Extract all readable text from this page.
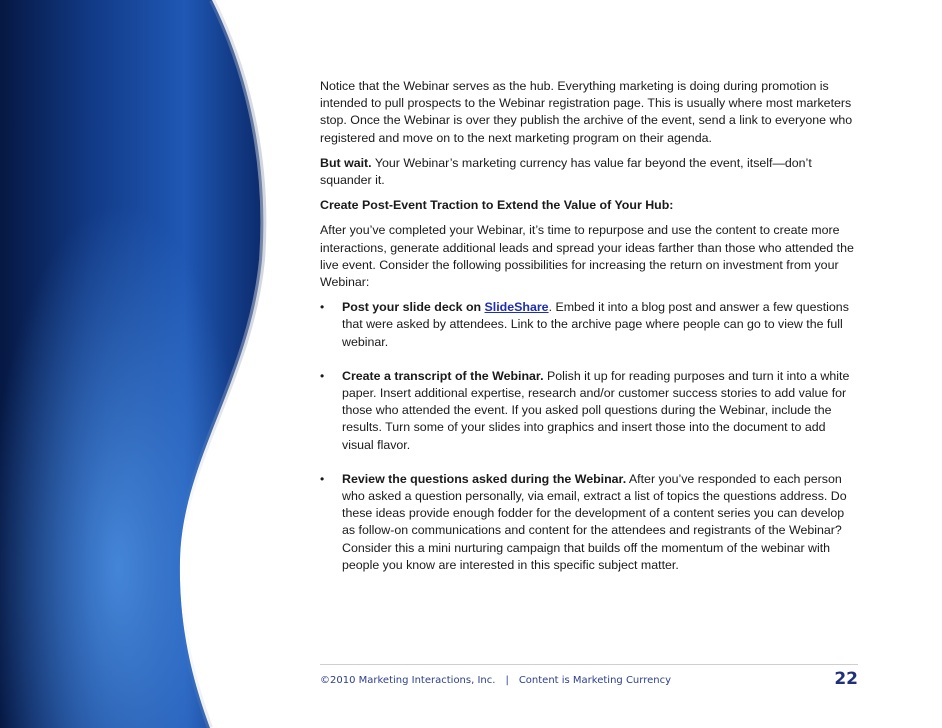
Notice that the Webinar serves as the hub. Everything marketing is doing during promotion is intended to pull prospects to the Webinar registration page. This is usually where most marketers stop. Once the Webinar is over they publish the archive of the event, send a link to everyone who registered and move on to the next marketing program on their agenda.

But wait. Your Webinar’s marketing currency has value far beyond the event, itself—don’t squander it.

Create Post-Event Traction to Extend the Value of Your Hub:

After you’ve completed your Webinar, it’s time to repurpose and use the content to create more interactions, generate additional leads and spread your ideas farther than those who attended the live event. Consider the following possibilities for increasing the return on investment from your Webinar:

• Post your slide deck on SlideShare. Embed it into a blog post and answer a few questions that were asked by attendees. Link to the archive page where people can go to view the full webinar.
• Create a transcript of the Webinar. Polish it up for reading purposes and turn it into a white paper. Insert additional expertise, research and/or customer success stories to add value for those who attended the event. If you asked poll questions during the Webinar, include the results. Turn some of your slides into graphics and insert those into the document to add visual flavor.
• Review the questions asked during the Webinar. After you’ve responded to each person who asked a question personally, via email, extract a list of topics the questions address. Do these ideas provide enough fodder for the development of a content series you can develop as follow-on communications and content for the attendees and registrants of the Webinar? Consider this a mini nurturing campaign that builds off the momentum of the webinar with people you know are interested in this specific subject matter.
©2010 Marketing Interactions, Inc. | Content is Marketing Currency	22
